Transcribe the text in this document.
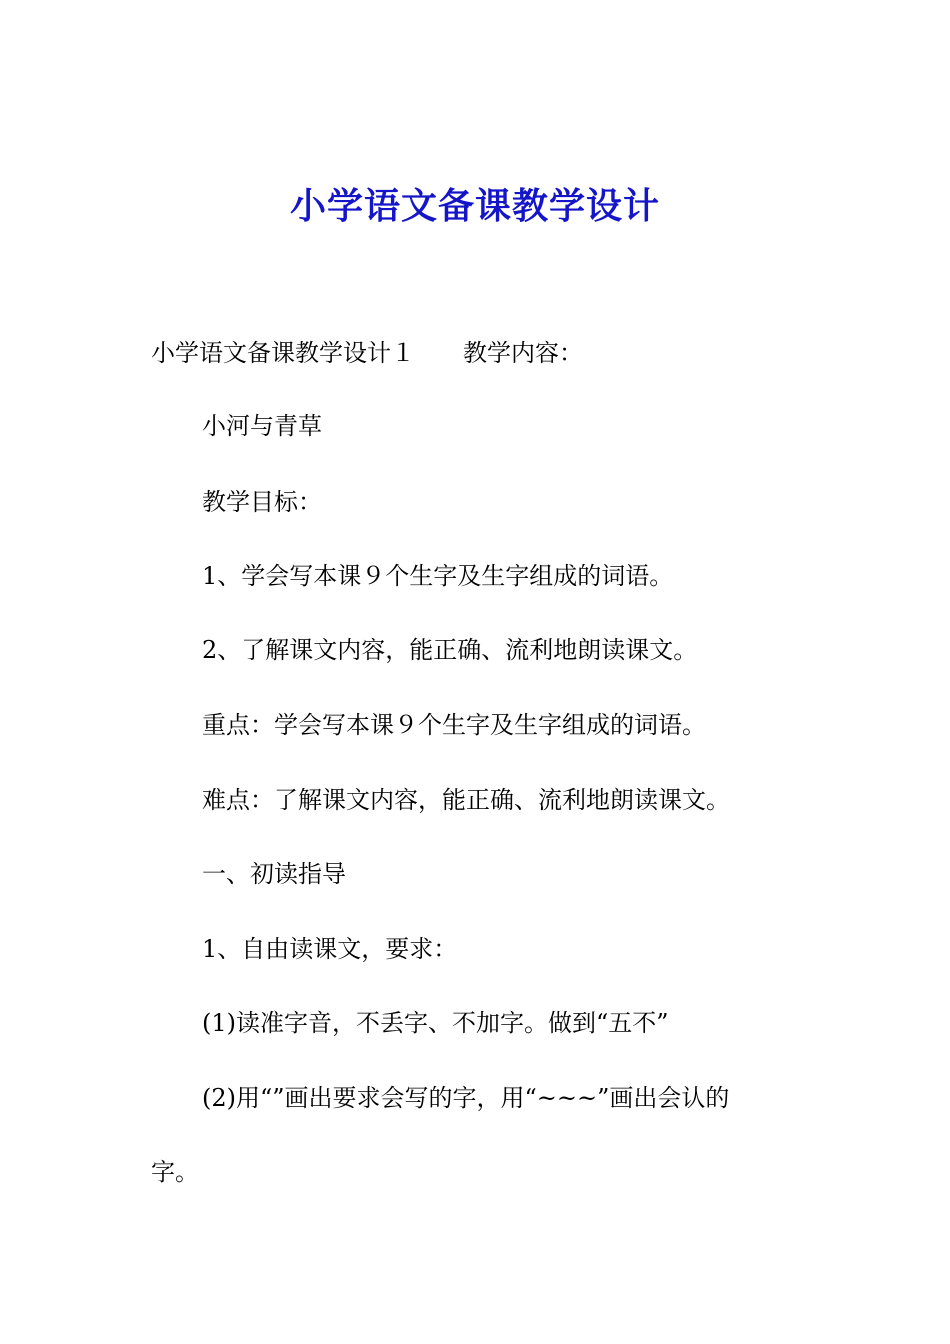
小学语文备课教学设计
小学语文备课教学设计１ 教学内容：
小河与青草
教学目标：
1、学会写本课９个生字及生字组成的词语。
2、了解课文内容，能正确、流利地朗读课文。
重点：学会写本课９个生字及生字组成的词语。
难点：了解课文内容，能正确、流利地朗读课文。
一、初读指导
1、自由读课文，要求：
(1)读准字音，不丢字、不加字。做到“五不”
(2)用“”画出要求会写的字，用“~~~”画出会认的
字。
